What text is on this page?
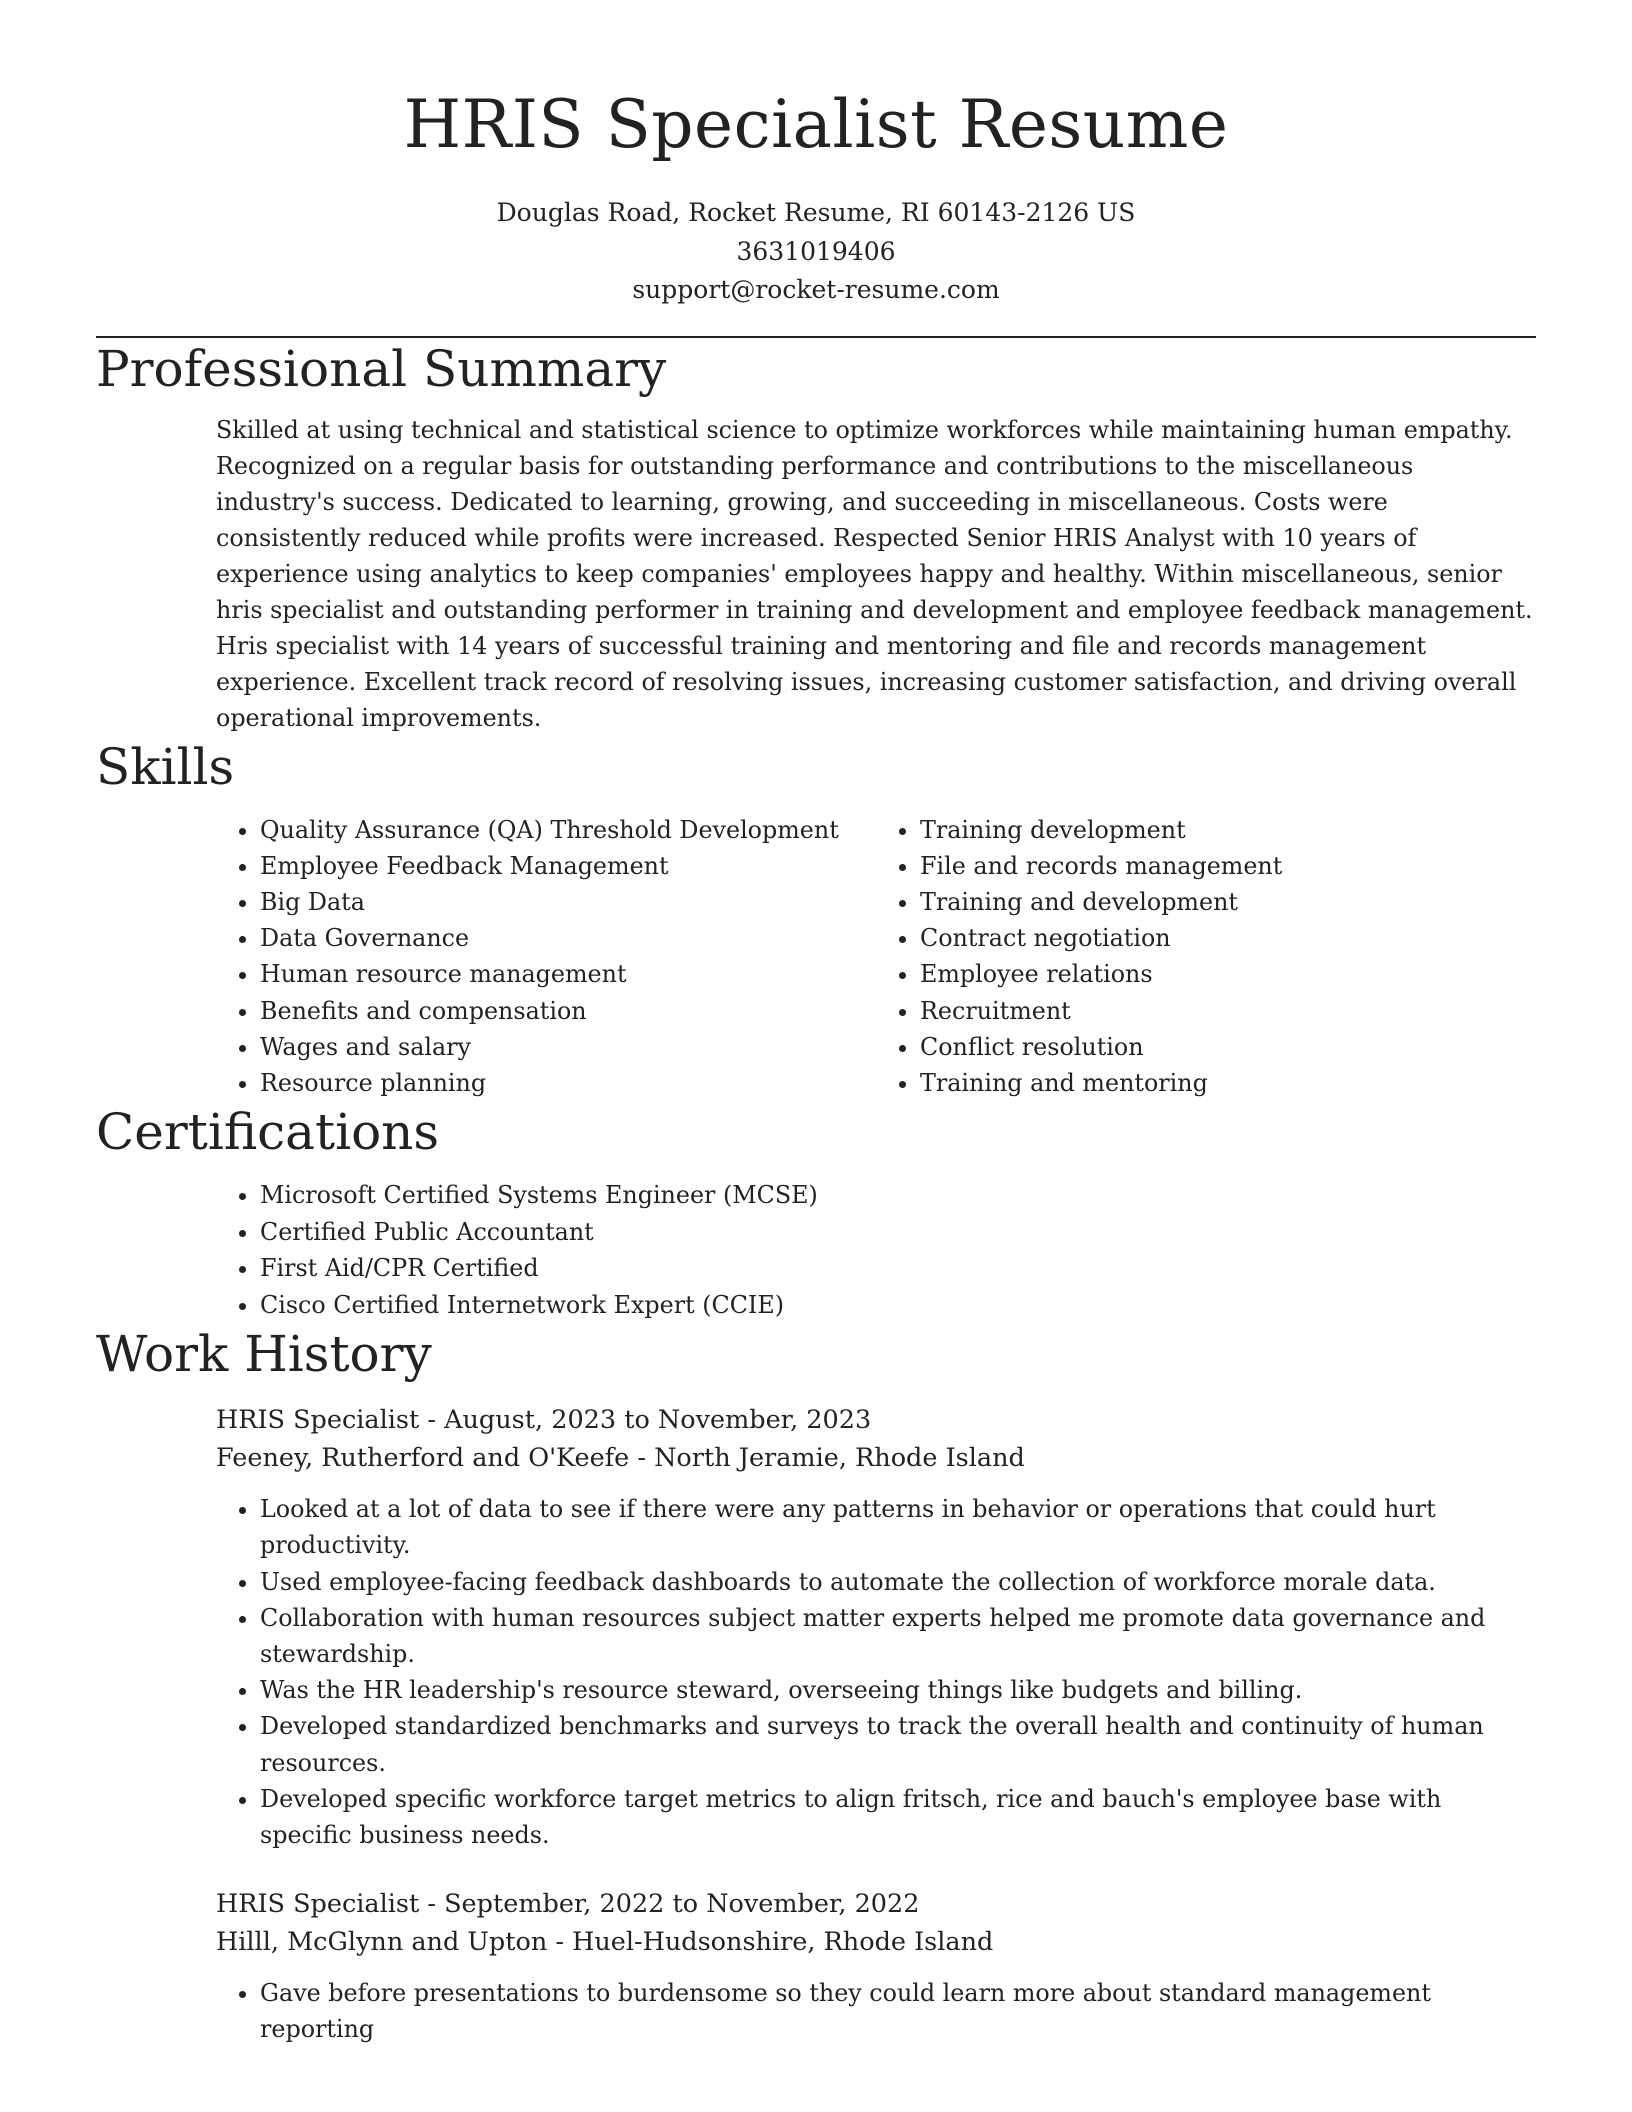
HRIS Specialist Resume
Douglas Road, Rocket Resume, RI 60143-2126 US
3631019406
support@rocket-resume.com
Professional Summary
Skilled at using technical and statistical science to optimize workforces while maintaining human empathy. Recognized on a regular basis for outstanding performance and contributions to the miscellaneous industry's success. Dedicated to learning, growing, and succeeding in miscellaneous. Costs were consistently reduced while profits were increased. Respected Senior HRIS Analyst with 10 years of experience using analytics to keep companies' employees happy and healthy. Within miscellaneous, senior hris specialist and outstanding performer in training and development and employee feedback management. Hris specialist with 14 years of successful training and mentoring and file and records management experience. Excellent track record of resolving issues, increasing customer satisfaction, and driving overall operational improvements.
Skills
• Quality Assurance (QA) Threshold Development
• Employee Feedback Management
• Big Data
• Data Governance
• Human resource management
• Benefits and compensation
• Wages and salary
• Resource planning
• Training development
• File and records management
• Training and development
• Contract negotiation
• Employee relations
• Recruitment
• Conflict resolution
• Training and mentoring
Certifications
• Microsoft Certified Systems Engineer (MCSE)
• Certified Public Accountant
• First Aid/CPR Certified
• Cisco Certified Internetwork Expert (CCIE)
Work History
HRIS Specialist - August, 2023 to November, 2023
Feeney, Rutherford and O'Keefe - North Jeramie, Rhode Island
• Looked at a lot of data to see if there were any patterns in behavior or operations that could hurt productivity.
• Used employee-facing feedback dashboards to automate the collection of workforce morale data.
• Collaboration with human resources subject matter experts helped me promote data governance and stewardship.
• Was the HR leadership's resource steward, overseeing things like budgets and billing.
• Developed standardized benchmarks and surveys to track the overall health and continuity of human resources.
• Developed specific workforce target metrics to align fritsch, rice and bauch's employee base with specific business needs.
HRIS Specialist - September, 2022 to November, 2022
Hilll, McGlynn and Upton - Huel-Hudsonshire, Rhode Island
• Gave before presentations to burdensome so they could learn more about standard management reporting
